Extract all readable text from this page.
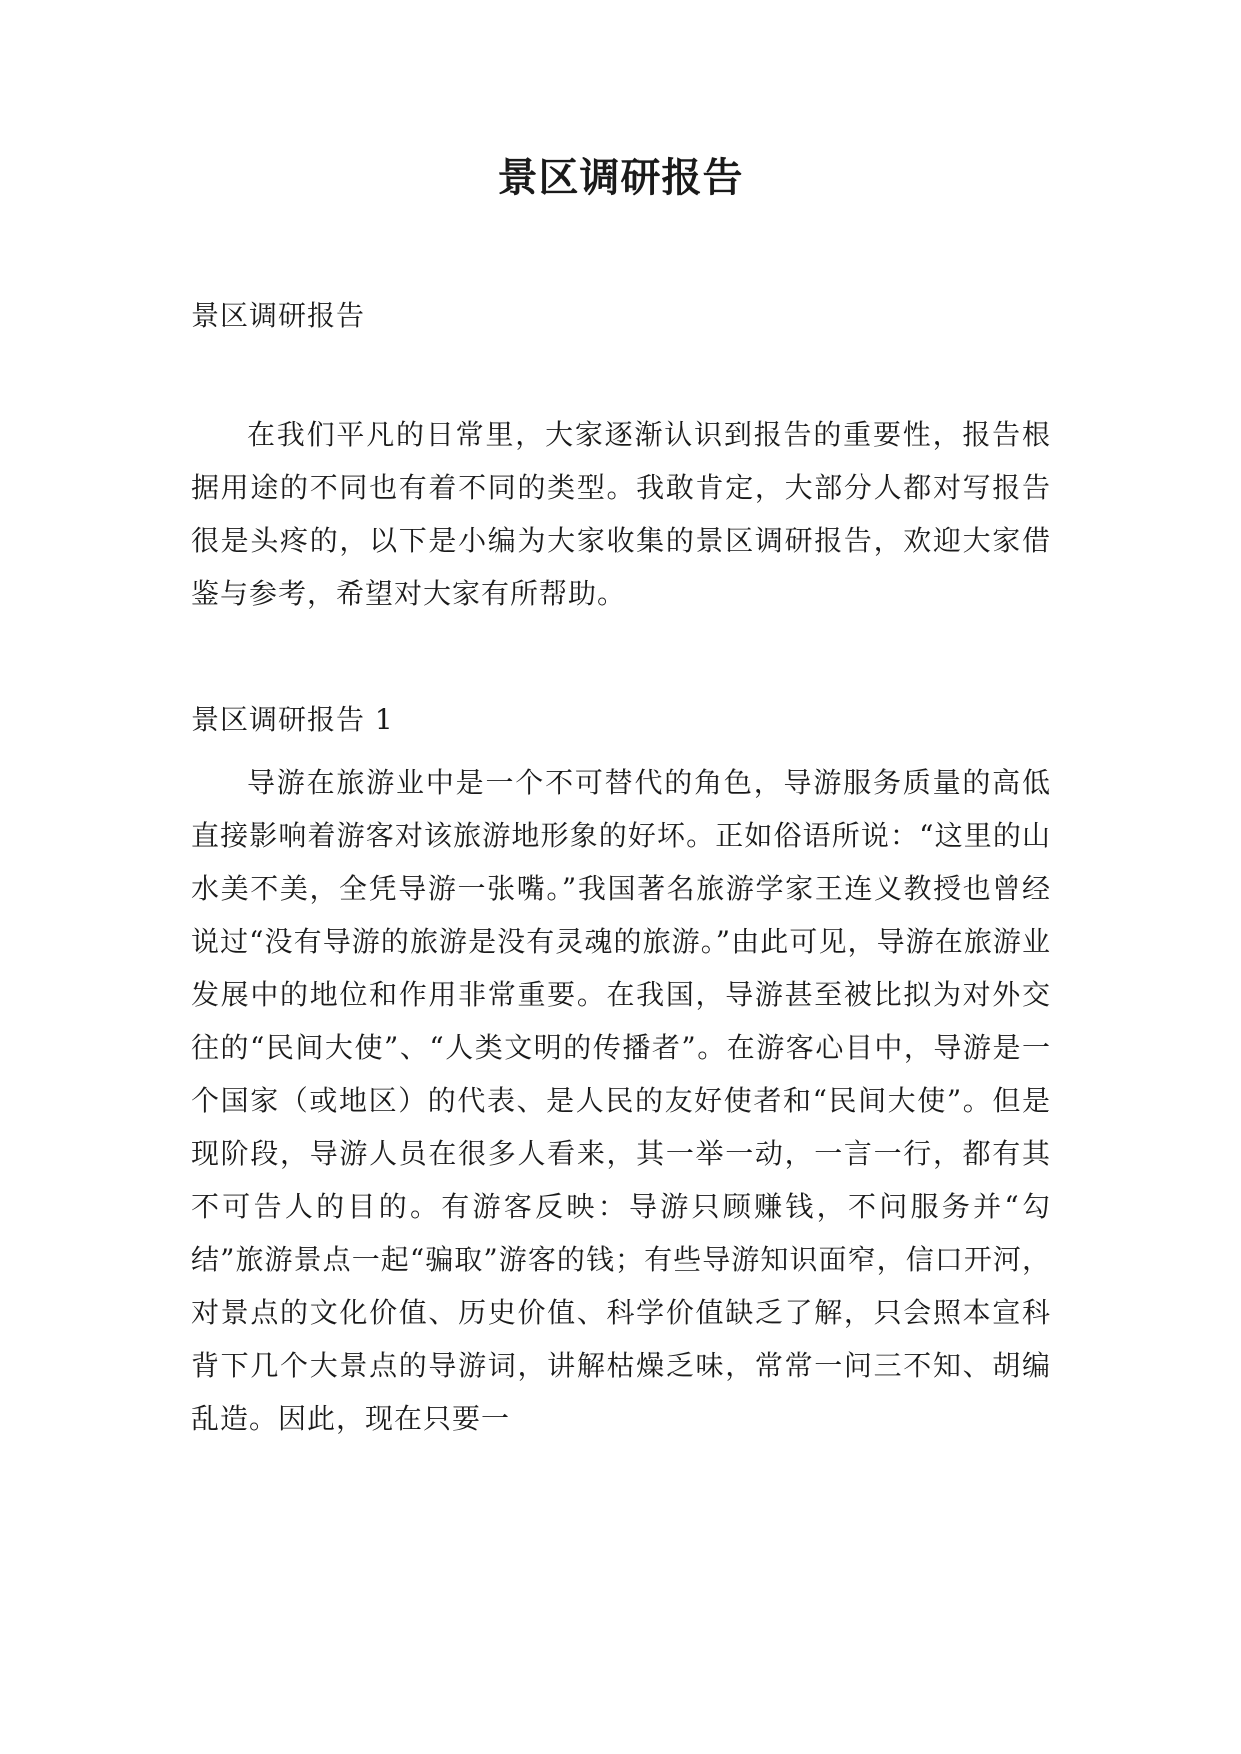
景区调研报告

景区调研报告

在我们平凡的日常里，大家逐渐认识到报告的重要性，报告根据用途的不同也有着不同的类型。我敢肯定，大部分人都对写报告很是头疼的，以下是小编为大家收集的景区调研报告，欢迎大家借鉴与参考，希望对大家有所帮助。

景区调研报告 1

导游在旅游业中是一个不可替代的角色，导游服务质量的高低直接影响着游客对该旅游地形象的好坏。正如俗语所说：“这里的山水美不美，全凭导游一张嘴。”我国著名旅游学家王连义教授也曾经说过“没有导游的旅游是没有灵魂的旅游。”由此可见，导游在旅游业发展中的地位和作用非常重要。在我国，导游甚至被比拟为对外交往的“民间大使”、“人类文明的传播者”。在游客心目中，导游是一个国家（或地区）的代表、是人民的友好使者和“民间大使”。但是现阶段，导游人员在很多人看来，其一举一动，一言一行，都有其不可告人的目的。有游客反映：导游只顾赚钱，不问服务并“勾结”旅游景点一起“骗取”游客的钱；有些导游知识面窄，信口开河，对景点的文化价值、历史价值、科学价值缺乏了解，只会照本宣科背下几个大景点的导游词，讲解枯燥乏味，常常一问三不知、胡编乱造。因此，现在只要一
